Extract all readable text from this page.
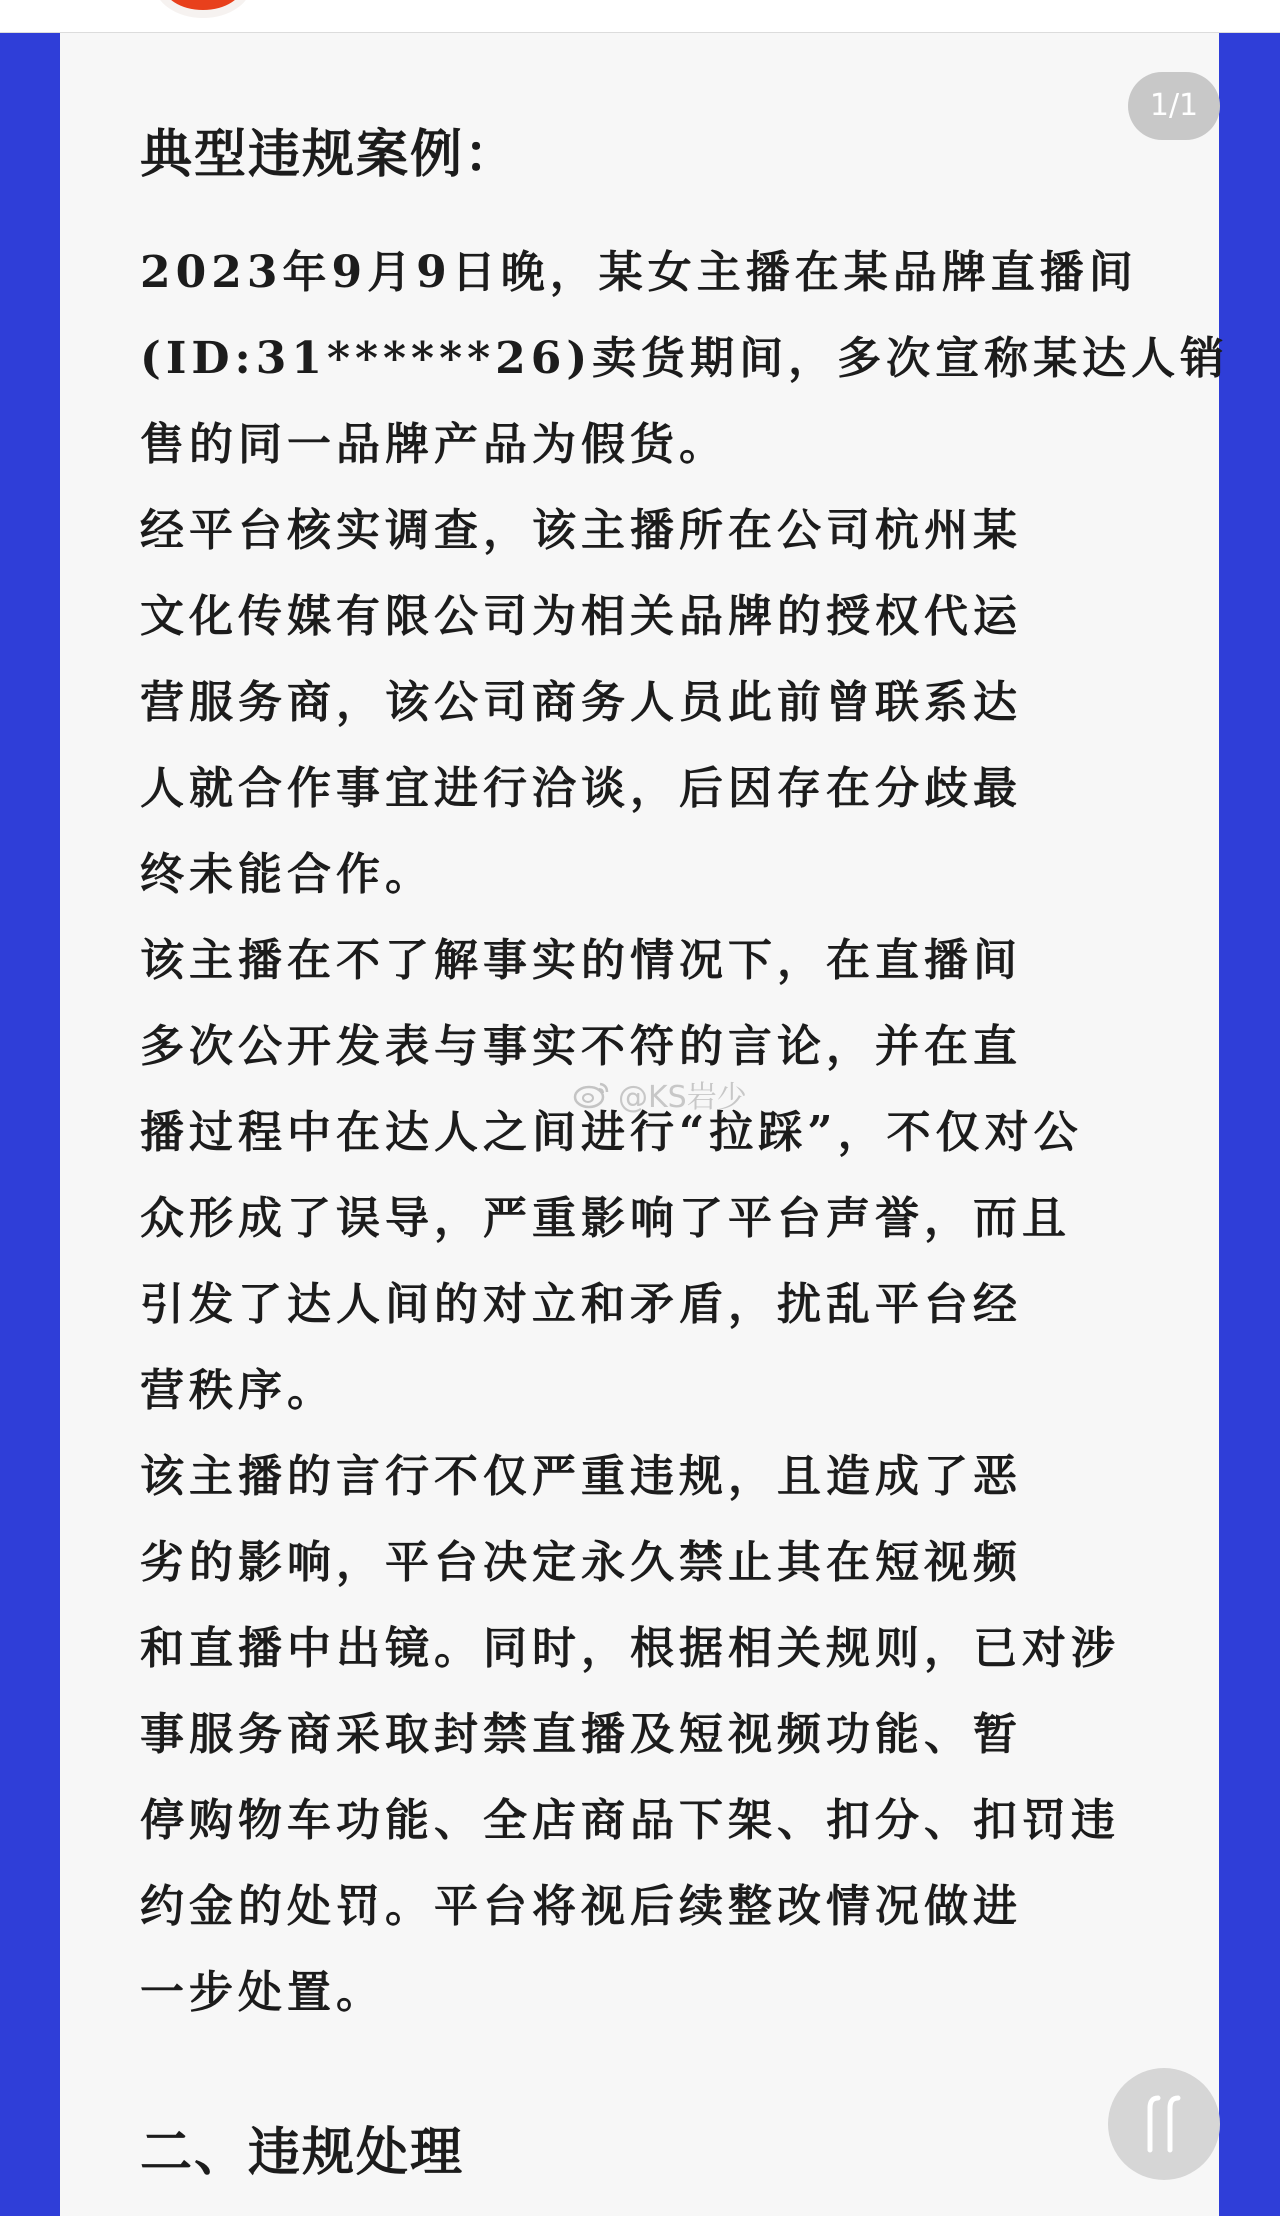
1/1
典型违规案例：

2023年9月9日晚，某女主播在某品牌直播间

(ID:31******26)卖货期间，多次宣称某达人销

售的同一品牌产品为假货。

经平台核实调查，该主播所在公司杭州某

文化传媒有限公司为相关品牌的授权代运

营服务商，该公司商务人员此前曾联系达

人就合作事宜进行洽谈，后因存在分歧最

终未能合作。

该主播在不了解事实的情况下，在直播间

多次公开发表与事实不符的言论，并在直

播过程中在达人之间进行“拉踩”，不仅对公

众形成了误导，严重影响了平台声誉，而且

引发了达人间的对立和矛盾，扰乱平台经

营秩序。

该主播的言行不仅严重违规，且造成了恶

劣的影响，平台决定永久禁止其在短视频

和直播中出镜。同时，根据相关规则，已对涉

事服务商采取封禁直播及短视频功能、暂

停购物车功能、全店商品下架、扣分、扣罚违

约金的处罚。平台将视后续整改情况做进

一步处置。

@KS岩少
二、违规处理
